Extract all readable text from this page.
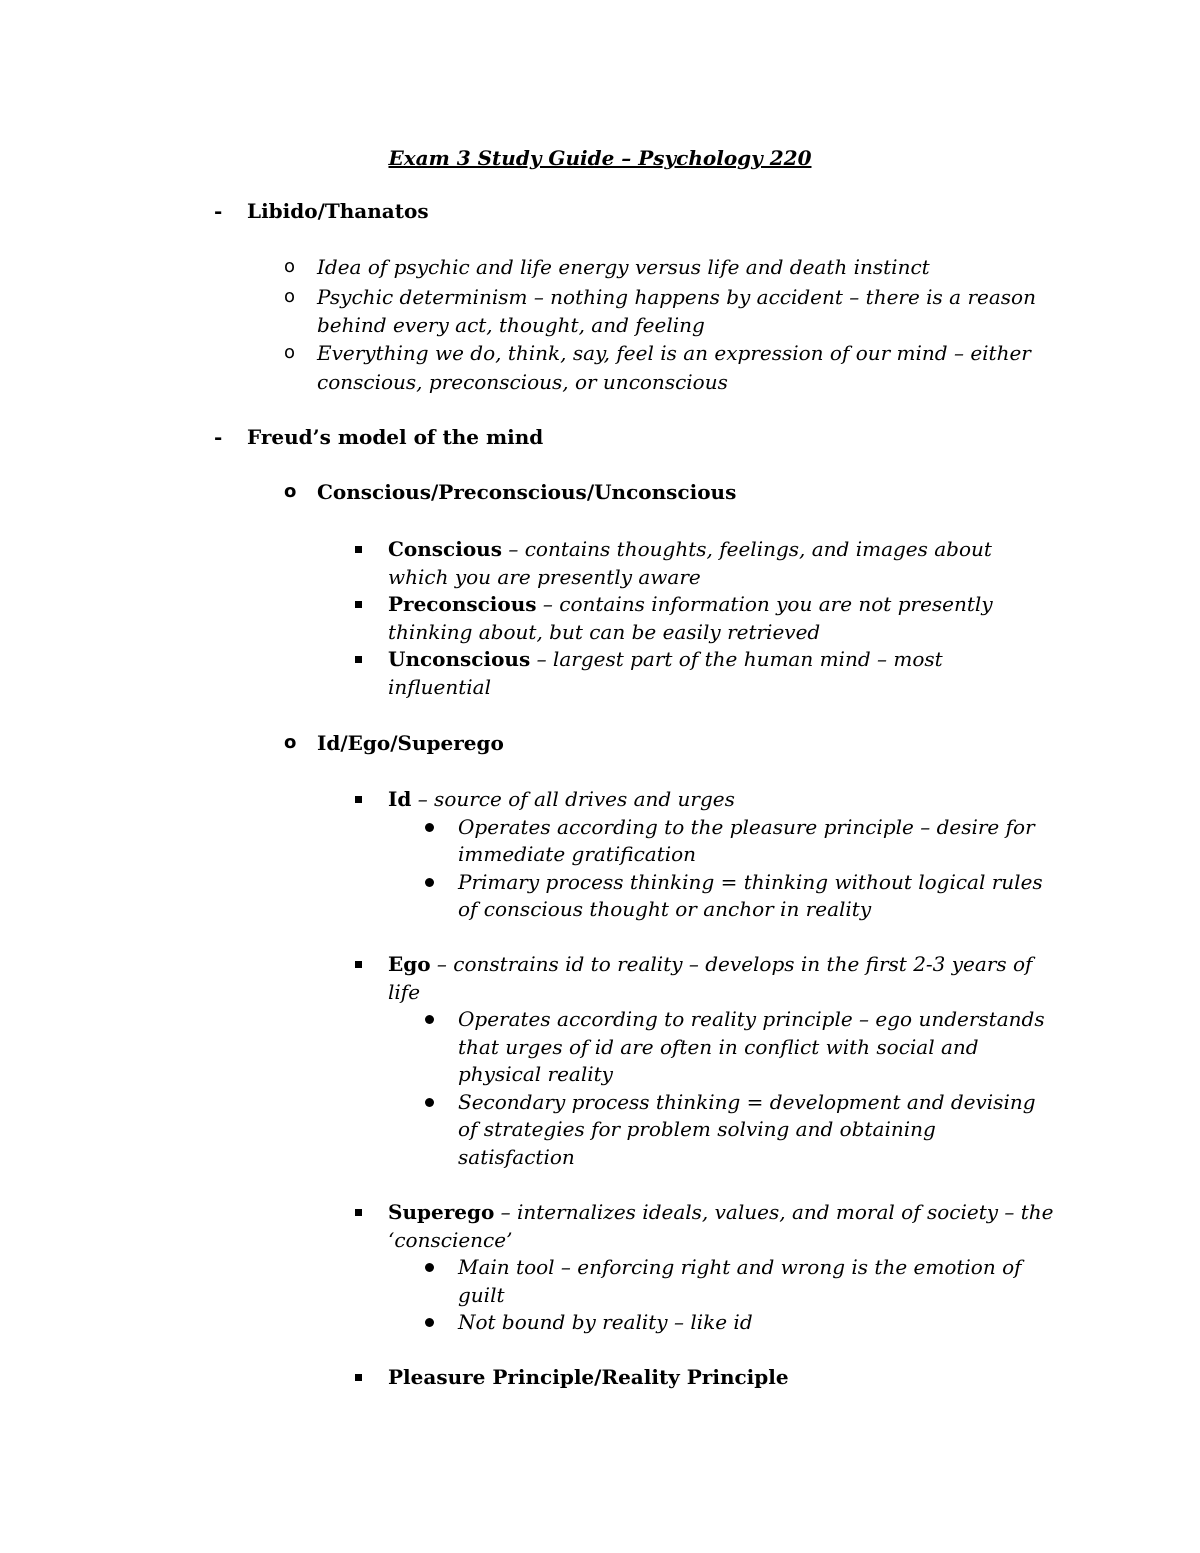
Exam 3 Study Guide – Psychology 220
- Libido/Thanatos
o Idea of psychic and life energy versus life and death instinct
o Psychic determinism – nothing happens by accident – there is a reason
behind every act, thought, and feeling
o Everything we do, think, say, feel is an expression of our mind – either
conscious, preconscious, or unconscious
- Freud’s model of the mind
o Conscious/Preconscious/Unconscious
Conscious – contains thoughts, feelings, and images about
which you are presently aware
Preconscious – contains information you are not presently
thinking about, but can be easily retrieved
Unconscious – largest part of the human mind – most
influential
o Id/Ego/Superego
Id – source of all drives and urges
Operates according to the pleasure principle – desire for
immediate gratification
Primary process thinking = thinking without logical rules
of conscious thought or anchor in reality
Ego – constrains id to reality – develops in the first 2-3 years of
life
Operates according to reality principle – ego understands
that urges of id are often in conflict with social and
physical reality
Secondary process thinking = development and devising
of strategies for problem solving and obtaining
satisfaction
Superego – internalizes ideals, values, and moral of society – the
‘conscience’
Main tool – enforcing right and wrong is the emotion of
guilt
Not bound by reality – like id
Pleasure Principle/Reality Principle
